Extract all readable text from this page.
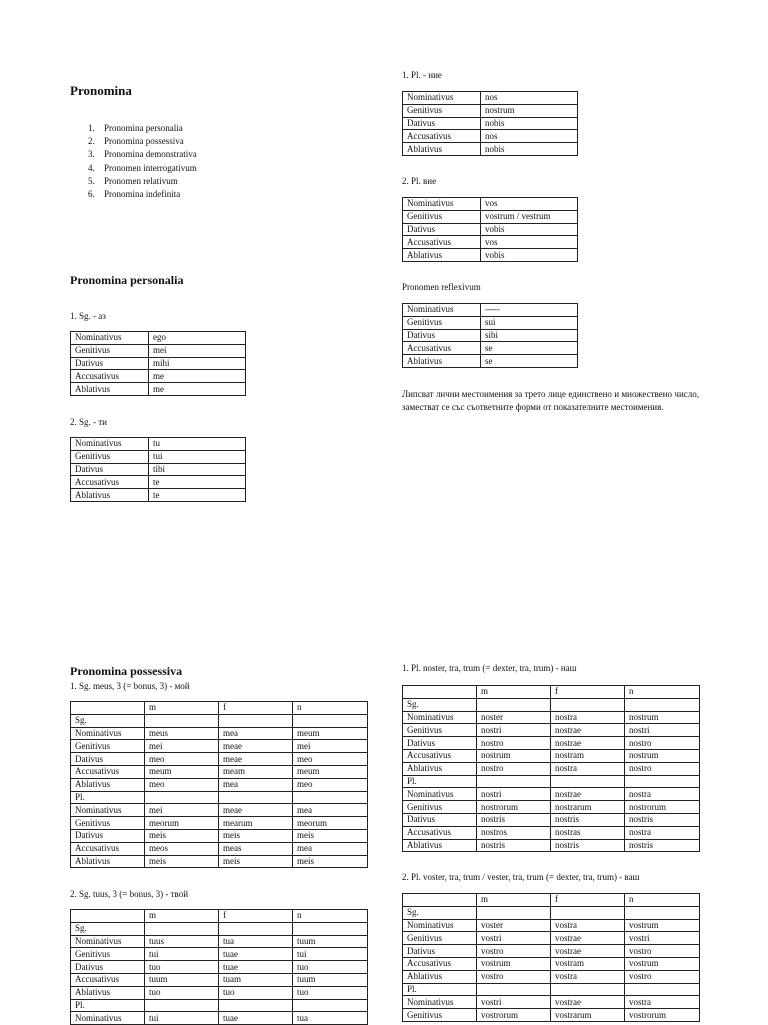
Pronomina
1.	Pronomina personalia
2.	Pronomina possessiva
3.	Pronomina demonstrativa
4.	Pronomen interrogativum
5.	Pronomen relativum
6.	Pronomina indefinita
Pronomina personalia
1. Sg. - аз
Nominativus	ego
Genitivus	mei
Dativus	mihi
Accusativus	me
Ablativus	me
2. Sg. - ти
Nominativus	tu
Genitivus	tui
Dativus	tibi
Accusativus	te
Ablativus	te
1. Pl. - ние
Nominativus	nos
Genitivus	nostrum
Dativus	nobis
Accusativus	nos
Ablativus	nobis
2. Pl. вие
Nominativus	vos
Genitivus	vostrum / vestrum
Dativus	vobis
Accusativus	vos
Ablativus	vobis
Pronomen reflexivum
Nominativus	-----
Genitivus	sui
Dativus	sibi
Accusativus	se
Ablativus	se
Липсват лични местоимения за трето лице единствено и множествено число, заместват се със съответните форми от показателните местоимения.
Pronomina possessiva
1. Sg. meus, 3 (= bonus, 3) - мой
	m	f	n
Sg.			
Nominativus	meus	mea	meum
Genitivus	mei	meae	mei
Dativus	meo	meae	meo
Accusativus	meum	meam	meum
Ablativus	meo	mea	meo
Pl.			
Nominativus	mei	meae	mea
Genitivus	meorum	mearum	meorum
Dativus	meis	meis	meis
Accusativus	meos	meas	mea
Ablativus	meis	meis	meis
2. Sg. tuus, 3 (= bonus, 3) - твой
	m	f	n
Sg.			
Nominativus	tuus	tua	tuum
Genitivus	tui	tuae	tui
Dativus	tuo	tuae	tuo
Accusativus	tuum	tuam	tuum
Ablativus	tuo	tuo	tuo
Pl.			
Nominativus	tui	tuae	tua
1. Pl. noster, tra, trum (= dexter, tra, trum) - наш
	m	f	n
Sg.			
Nominativus	noster	nostra	nostrum
Genitivus	nostri	nostrae	nostri
Dativus	nostro	nostrae	nostro
Accusativus	nostrum	nostram	nostrum
Ablativus	nostro	nostra	nostro
Pl.			
Nominativus	nostri	nostrae	nostra
Genitivus	nostrorum	nostrarum	nostrorum
Dativus	nostris	nostris	nostris
Accusativus	nostros	nostras	nostra
Ablativus	nostris	nostris	nostris
2. Pl. voster, tra, trum / vester, tra, trum (= dexter, tra, trum) - ваш
	m	f	n
Sg.			
Nominativus	voster	vostra	vostrum
Genitivus	vostri	vostrae	vostri
Dativus	vostro	vostrae	vostro
Accusativus	vostrum	vostram	vostrum
Ablativus	vostro	vostra	vostro
Pl.			
Nominativus	vostri	vostrae	vostra
Genitivus	vostrorum	vostrarum	vostrorum
